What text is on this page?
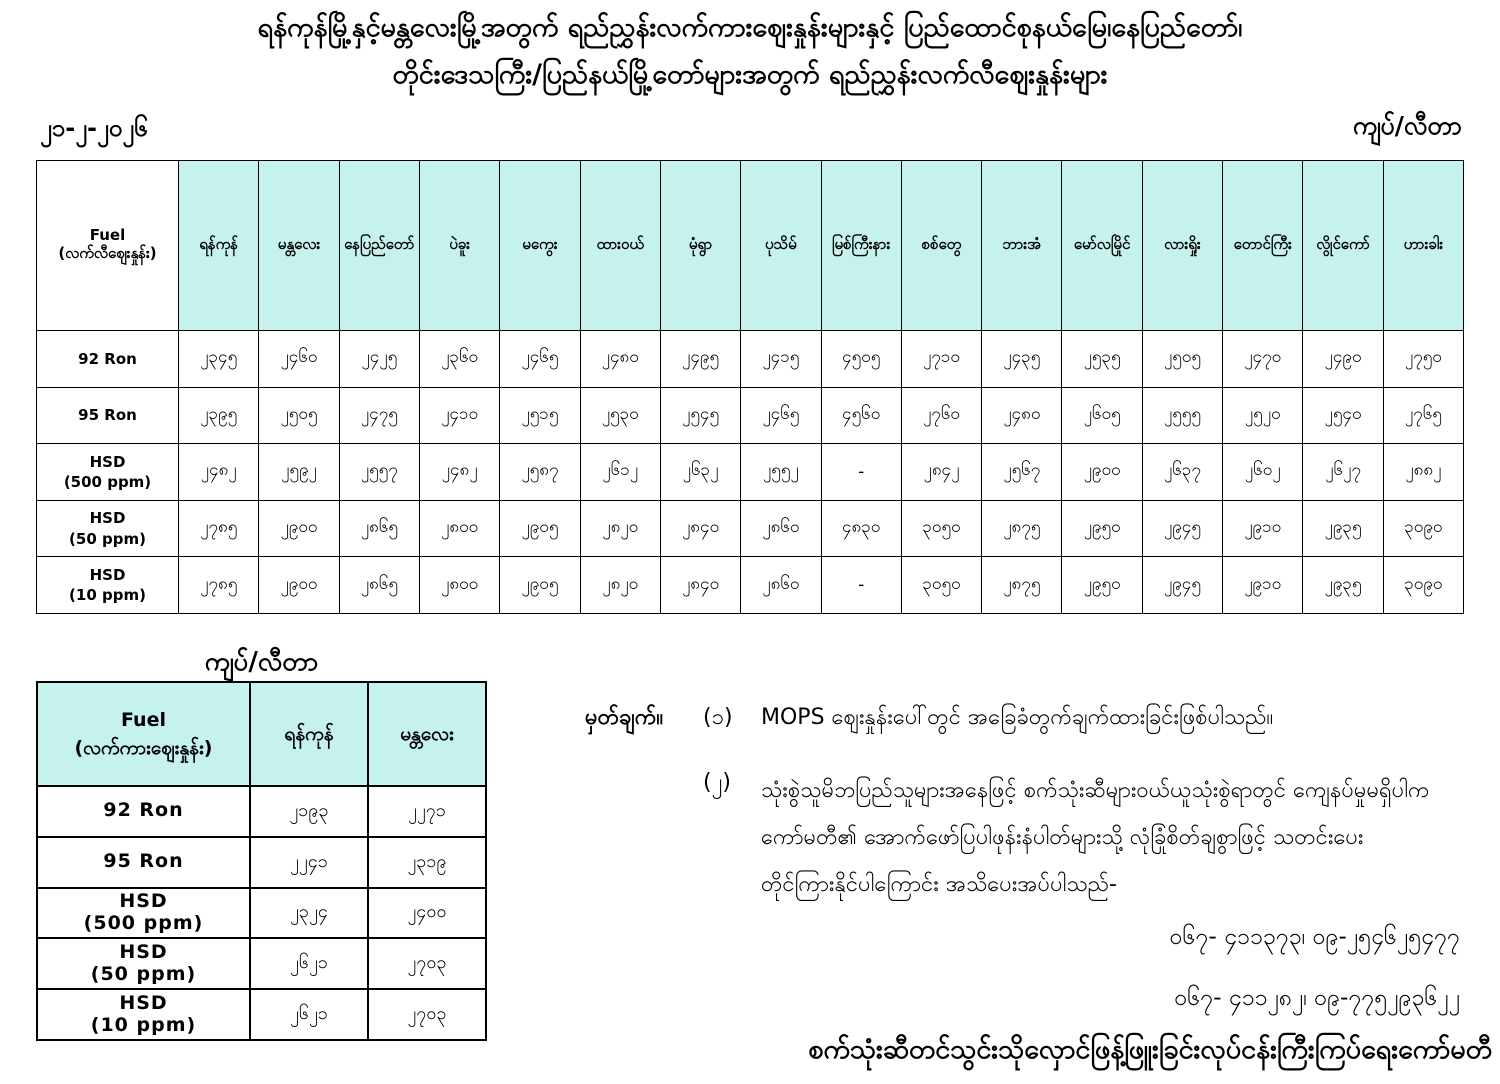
ရန်ကုန်မြို့နှင့်မန္တလေးမြို့အတွက် ရည်ညွှန်းလက်ကားဈေးနှုန်းများနှင့် ပြည်ထောင်စုနယ်မြေ၊နေပြည်တော်၊
တိုင်းဒေသကြီး/ပြည်နယ်မြို့တော်များအတွက် ရည်ညွှန်းလက်လီဈေးနှုန်းများ
၂၁-၂-၂၀၂၆	ကျပ်/လီတာ
Fuel
(လက်လီဈေးနှုန်း)	ရန်ကုန်	မန္တလေး	နေပြည်တော်	ပဲခူး	မကွေး	ထားဝယ်	မုံရွာ	ပုသိမ်	မြစ်ကြီးနား	စစ်တွေ	ဘားအံ	မော်လမြိုင်	လားရှိုး	တောင်ကြီး	လွိုင်ကော်	ဟားခါး

92 Ron	၂၃၄၅	၂၄၆၀	၂၄၂၅	၂၃၆၀	၂၄၆၅	၂၄၈၀	၂၄၉၅	၂၄၁၅	၄၅၀၅	၂၇၁၀	၂၄၃၅	၂၅၃၅	၂၅၀၅	၂၄၇၀	၂၄၉၀	၂၇၅၀

95 Ron	၂၃၉၅	၂၅၀၅	၂၄၇၅	၂၄၁၀	၂၅၁၅	၂၅၃၀	၂၅၄၅	၂၄၆၅	၄၅၆၀	၂၇၆၀	၂၄၈၀	၂၆၀၅	၂၅၅၅	၂၅၂၀	၂၅၄၀	၂၇၆၅

HSD
(500 ppm)	၂၄၈၂	၂၅၉၂	၂၅၅၇	၂၄၈၂	၂၅၈၇	၂၆၁၂	၂၆၃၂	၂၅၅၂	-	၂၈၄၂	၂၅၆၇	၂၉၀၀	၂၆၃၇	၂၆၀၂	၂၆၂၇	၂၈၈၂

HSD
(50 ppm)	၂၇၈၅	၂၉၀၀	၂၈၆၅	၂၈၀၀	၂၉၀၅	၂၈၂၀	၂၈၄၀	၂၈၆၀	၄၈၃၀	၃၀၅၀	၂၈၇၅	၂၉၅၀	၂၉၄၅	၂၉၁၀	၂၉၃၅	၃၀၉၀

HSD
(10 ppm)	၂၇၈၅	၂၉၀၀	၂၈၆၅	၂၈၀၀	၂၉၀၅	၂၈၂၀	၂၈၄၀	၂၈၆၀	-	၃၀၅၀	၂၈၇၅	၂၉၅၀	၂၉၄၅	၂၉၁၀	၂၉၃၅	၃၀၉၀
ကျပ်/လီတာ
Fuel
(လက်ကားဈေးနှုန်း)	ရန်ကုန်	မန္တလေး

92 Ron	၂၁၉၃	၂၂၇၁

95 Ron	၂၂၄၁	၂၃၁၉

HSD
(500 ppm)	၂၃၂၄	၂၄၀၀

HSD
(50 ppm)	၂၆၂၁	၂၇၀၃

HSD
(10 ppm)	၂၆၂၁	၂၇၀၃
မှတ်ချက်။	(၁)	MOPS ဈေးနှုန်းပေါ်တွင် အခြေခံတွက်ချက်ထားခြင်းဖြစ်ပါသည်။
(၂)	သုံးစွဲသူမိဘပြည်သူများအနေဖြင့် စက်သုံးဆီများဝယ်ယူသုံးစွဲရာတွင် ကျေနပ်မှုမရှိပါက
ကော်မတီ၏ အောက်ဖော်ပြပါဖုန်းနံပါတ်များသို့ လုံခြုံစိတ်ချစွာဖြင့် သတင်းပေး
တိုင်ကြားနိုင်ပါကြောင်း အသိပေးအပ်ပါသည်-
၀၆၇- ၄၁၁၃၇၃၊ ၀၉-၂၅၄၆၂၅၄၇၇
၀၆၇- ၄၁၁၂၈၂၊ ၀၉-၇၇၅၂၉၃၆၂၂
စက်သုံးဆီတင်သွင်းသိုလှောင်ဖြန့်ဖြူးခြင်းလုပ်ငန်းကြီးကြပ်ရေးကော်မတီ
